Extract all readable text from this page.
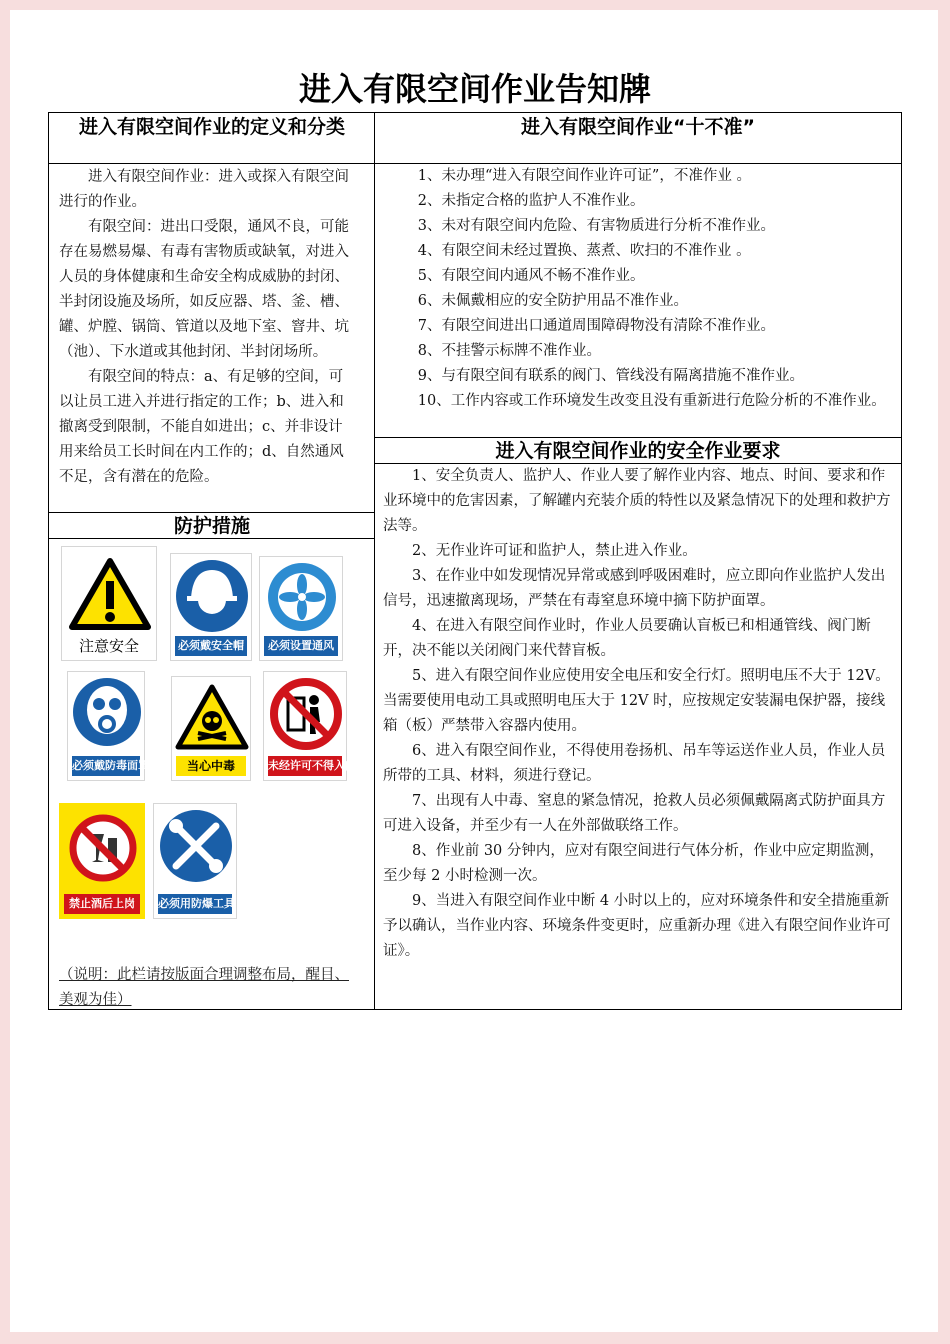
进入有限空间作业告知牌
进入有限空间作业的定义和分类

进入有限空间作业：进入或探入有限空间进行的作业。

有限空间：进出口受限，通风不良，可能存在易燃易爆、有毒有害物质或缺氧，对进入人员的身体健康和生命安全构成威胁的封闭、半封闭设施及场所，如反应器、塔、釜、槽、罐、炉膛、锅筒、管道以及地下室、窨井、坑（池）、下水道或其他封闭、半封闭场所。

有限空间的特点：a、有足够的空间，可以让员工进入并进行指定的工作；b、进入和撤离受到限制，不能自如进出；c、并非设计用来给员工长时间在内工作的；d、自然通风不足，含有潜在的危险。

防护措施
注意安全	必须戴安全帽	必须设置通风
必须戴防毒面罩	当心中毒	未经许可不得入内
禁止酒后上岗	必须用防爆工具
（说明：此栏请按版面合理调整布局，醒目、美观为佳）
进入有限空间作业“十不准”

1、未办理“进入有限空间作业许可证”，不准作业 。

2、未指定合格的监护人不准作业。

3、未对有限空间内危险、有害物质进行分析不准作业。

4、有限空间未经过置换、蒸煮、吹扫的不准作业 。

5、有限空间内通风不畅不准作业。

6、未佩戴相应的安全防护用品不准作业。

7、有限空间进出口通道周围障碍物没有清除不准作业。

8、不挂警示标牌不准作业。

9、与有限空间有联系的阀门、管线没有隔离措施不准作业。

10、工作内容或工作环境发生改变且没有重新进行危险分析的不准作业。

进入有限空间作业的安全作业要求

1、安全负责人、监护人、作业人要了解作业内容、地点、时间、要求和作业环境中的危害因素，了解罐内充装介质的特性以及紧急情况下的处理和救护方法等。

2、无作业许可证和监护人，禁止进入作业。

3、在作业中如发现情况异常或感到呼吸困难时，应立即向作业监护人发出信号，迅速撤离现场，严禁在有毒窒息环境中摘下防护面罩。

4、在进入有限空间作业时，作业人员要确认盲板已和相通管线、阀门断开，决不能以关闭阀门来代替盲板。

5、进入有限空间作业应使用安全电压和安全行灯。照明电压不大于 12V。当需要使用电动工具或照明电压大于 12V 时，应按规定安装漏电保护器，接线箱（板）严禁带入容器内使用。

6、进入有限空间作业，不得使用卷扬机、吊车等运送作业人员，作业人员所带的工具、材料，须进行登记。

7、出现有人中毒、窒息的紧急情况，抢救人员必须佩戴隔离式防护面具方可进入设备，并至少有一人在外部做联络工作。

8、作业前 30 分钟内，应对有限空间进行气体分析，作业中应定期监测，至少每 2 小时检测一次。

9、当进入有限空间作业中断 4 小时以上的，应对环境条件和安全措施重新予以确认，当作业内容、环境条件变更时，应重新办理《进入有限空间作业许可证》。
